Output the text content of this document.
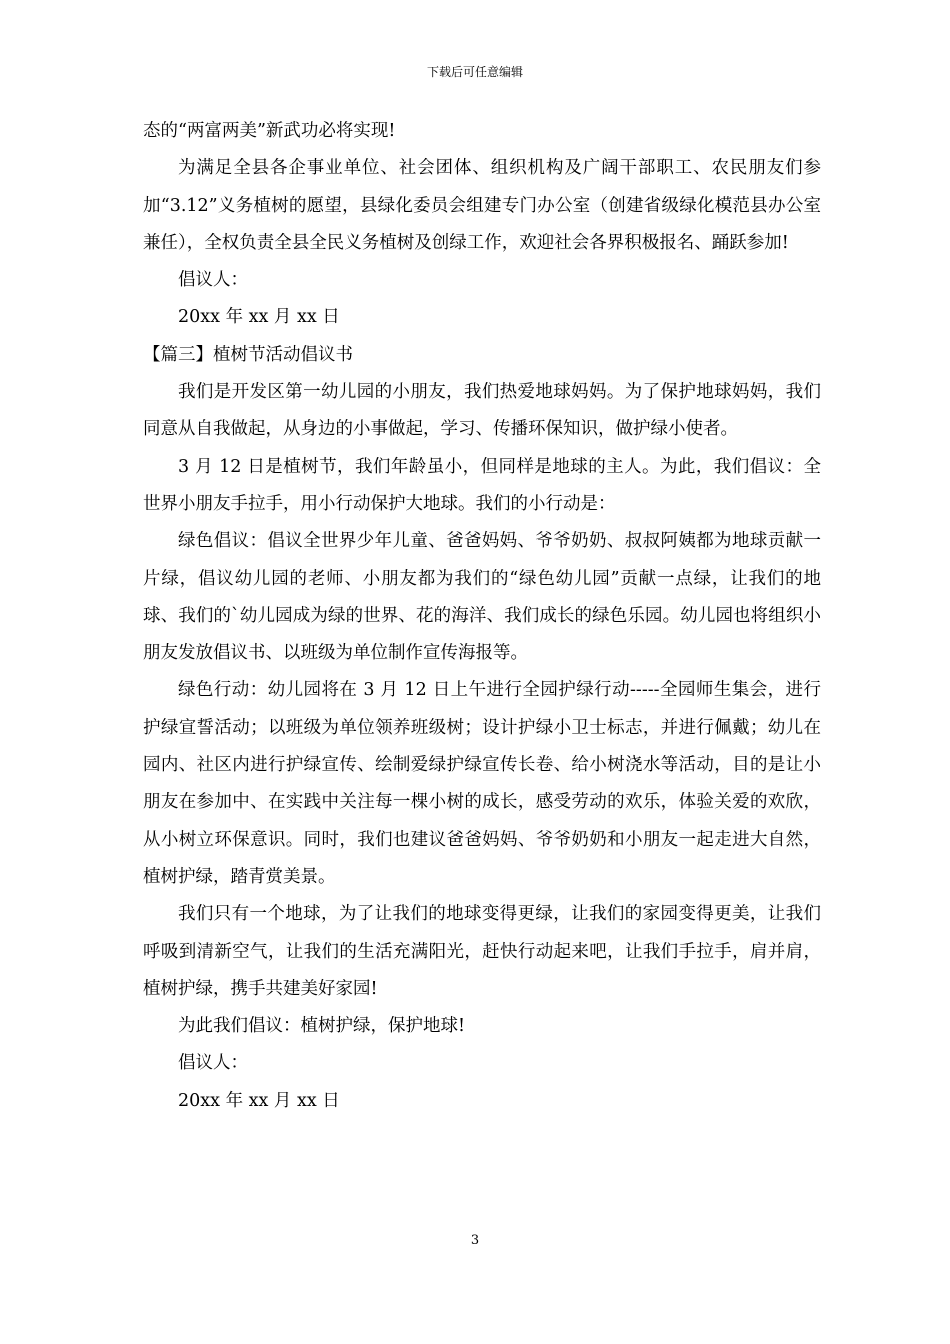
下载后可任意编辑

态的“两富两美”新武功必将实现!

为满足全县各企事业单位、社会团体、组织机构及广阔干部职工、农民朋友们参加“3.12”义务植树的愿望，县绿化委员会组建专门办公室（创建省级绿化模范县办公室兼任），全权负责全县全民义务植树及创绿工作，欢迎社会各界积极报名、踊跃参加!

倡议人：

20xx 年 xx 月 xx 日

【篇三】植树节活动倡议书

我们是开发区第一幼儿园的小朋友，我们热爱地球妈妈。为了保护地球妈妈，我们同意从自我做起，从身边的小事做起，学习、传播环保知识，做护绿小使者。

3 月 12 日是植树节，我们年龄虽小，但同样是地球的主人。为此，我们倡议：全世界小朋友手拉手，用小行动保护大地球。我们的小行动是：

绿色倡议：倡议全世界少年儿童、爸爸妈妈、爷爷奶奶、叔叔阿姨都为地球贡献一片绿，倡议幼儿园的老师、小朋友都为我们的“绿色幼儿园”贡献一点绿，让我们的地球、我们的`幼儿园成为绿的世界、花的海洋、我们成长的绿色乐园。幼儿园也将组织小朋友发放倡议书、以班级为单位制作宣传海报等。

绿色行动：幼儿园将在 3 月 12 日上午进行全园护绿行动-----全园师生集会，进行护绿宣誓活动；以班级为单位领养班级树；设计护绿小卫士标志，并进行佩戴；幼儿在园内、社区内进行护绿宣传、绘制爱绿护绿宣传长卷、给小树浇水等活动，目的是让小朋友在参加中、在实践中关注每一棵小树的成长，感受劳动的欢乐，体验关爱的欢欣，从小树立环保意识。同时，我们也建议爸爸妈妈、爷爷奶奶和小朋友一起走进大自然，植树护绿，踏青赏美景。

我们只有一个地球，为了让我们的地球变得更绿，让我们的家园变得更美，让我们呼吸到清新空气，让我们的生活充满阳光，赶快行动起来吧，让我们手拉手，肩并肩，植树护绿，携手共建美好家园!

为此我们倡议：植树护绿，保护地球!

倡议人：

20xx 年 xx 月 xx 日

3
